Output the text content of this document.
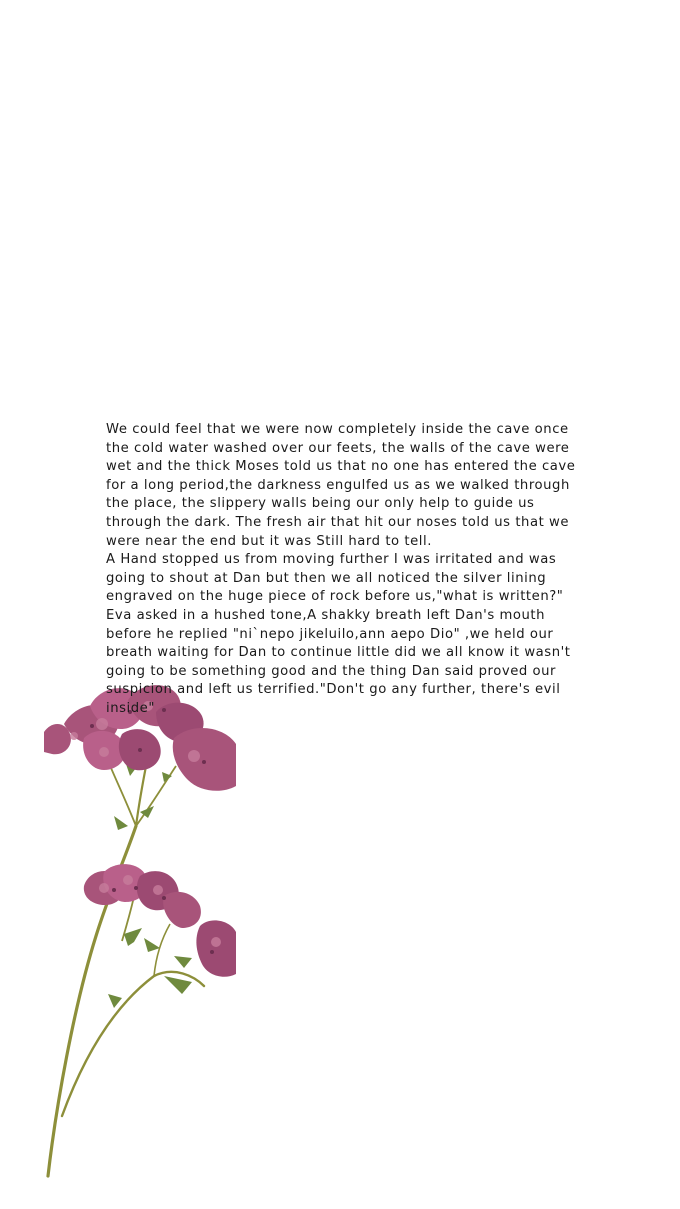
We could feel that we were now completely inside the cave once the cold water washed over our feets, the walls of the cave were wet and the thick Moses told us that no one has entered the cave for a long period,the darkness engulfed us as we walked through the place, the slippery walls being our only help to guide us through the dark. The fresh air that hit our noses told us that we were near the end but it was Still hard to tell.

A Hand stopped us from moving further I was irritated and was going to shout at Dan but then we all noticed the silver lining engraved on the huge piece of rock before us,"what is written?" Eva asked in a hushed tone,A shakky breath left Dan's mouth before he replied "ni`nepo jikeluilo,ann aepo Dio" ,we held our breath waiting for Dan to continue little did we all know it wasn't going to be something good and the thing Dan said proved our suspicion and left us terrified."Don't go any further, there's evil inside"
